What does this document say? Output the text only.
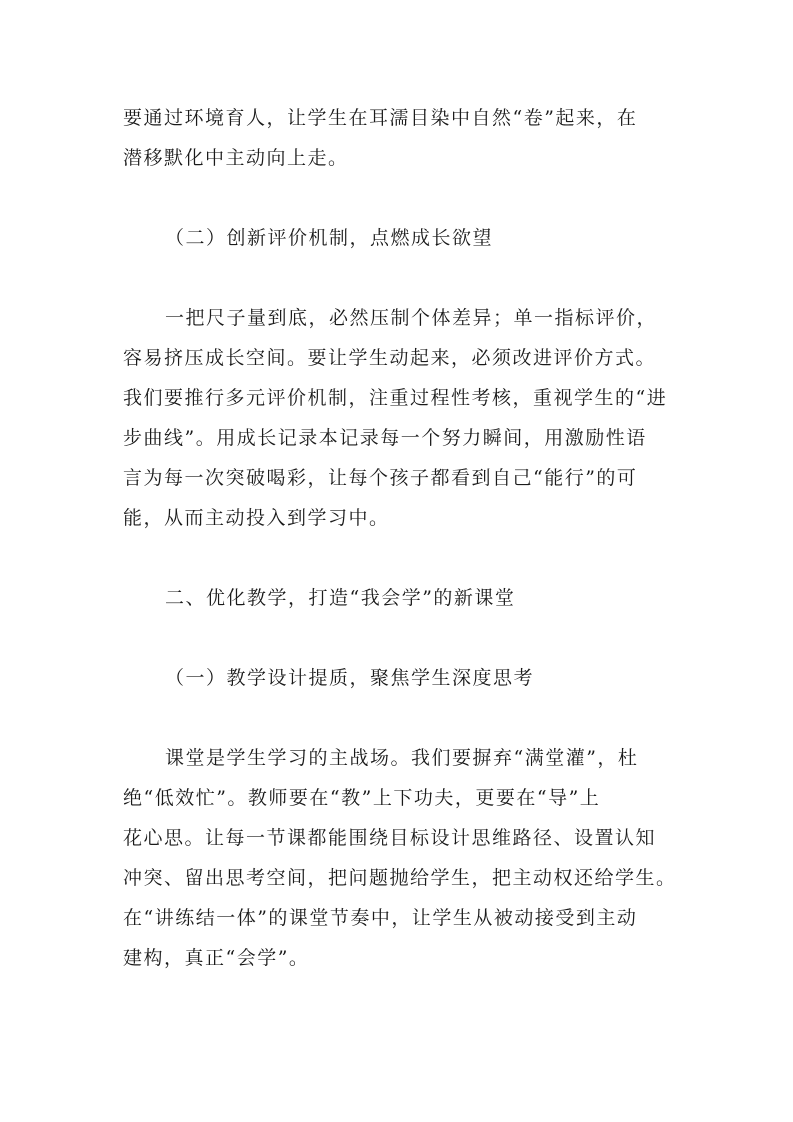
要通过环境育人，让学生在耳濡目染中自然“卷”起来，在
潜移默化中主动向上走。

（二）创新评价机制，点燃成长欲望

一把尺子量到底，必然压制个体差异；单一指标评价，
容易挤压成长空间。要让学生动起来，必须改进评价方式。
我们要推行多元评价机制，注重过程性考核，重视学生的“进
步曲线”。用成长记录本记录每一个努力瞬间，用激励性语
言为每一次突破喝彩，让每个孩子都看到自己“能行”的可
能，从而主动投入到学习中。

二、优化教学，打造“我会学”的新课堂

（一）教学设计提质，聚焦学生深度思考

课堂是学生学习的主战场。我们要摒弃“满堂灌”，杜
绝“低效忙”。教师要在“教”上下功夫，更要在“导”上
花心思。让每一节课都能围绕目标设计思维路径、设置认知
冲突、留出思考空间，把问题抛给学生，把主动权还给学生。
在“讲练结一体”的课堂节奏中，让学生从被动接受到主动
建构，真正“会学”。
